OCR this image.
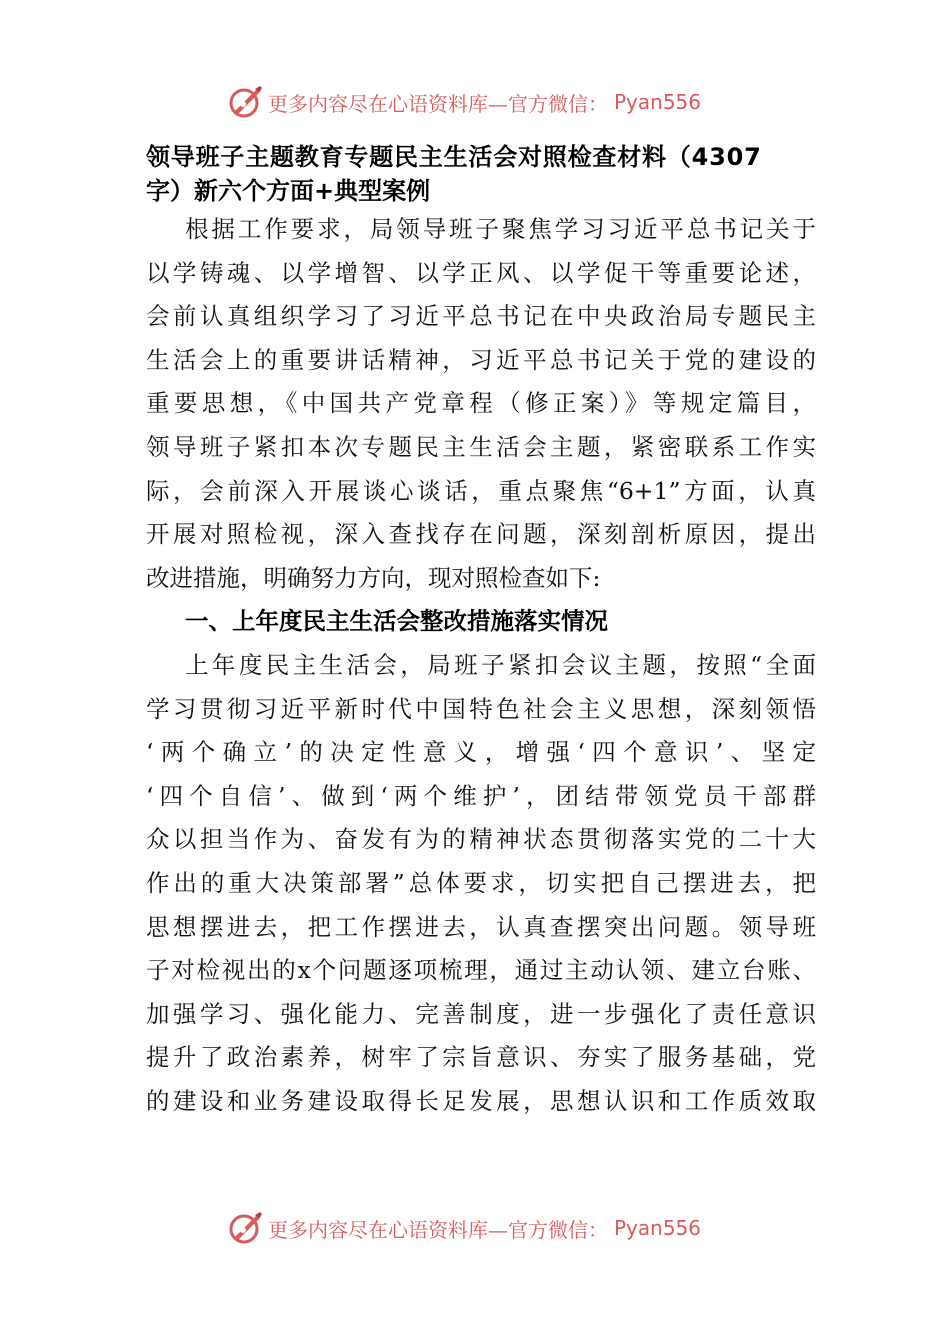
更多内容尽在心语资料库—官方微信： Pyan556
领导班子主题教育专题民主生活会对照检查材料（4307
字）新六个方面+典型案例
根据工作要求，局领导班子聚焦学习习近平总书记关于
以学铸魂、以学增智、以学正风、以学促干等重要论述，
会前认真组织学习了习近平总书记在中央政治局专题民主
生活会上的重要讲话精神，习近平总书记关于党的建设的
重要思想，《中国共产党章程（修正案）》等规定篇目，
领导班子紧扣本次专题民主生活会主题，紧密联系工作实
际，会前深入开展谈心谈话，重点聚焦“6+1”方面，认真
开展对照检视，深入查找存在问题，深刻剖析原因，提出
改进措施，明确努力方向，现对照检查如下:
一、上年度民主生活会整改措施落实情况
上年度民主生活会，局班子紧扣会议主题，按照“全面
学习贯彻习近平新时代中国特色社会主义思想，深刻领悟
‘两个确立’的决定性意义，增强‘四个意识’、坚定
‘四个自信’、做到‘两个维护’，团结带领党员干部群
众以担当作为、奋发有为的精神状态贯彻落实党的二十大
作出的重大决策部署”总体要求，切实把自己摆进去，把
思想摆进去，把工作摆进去，认真查摆突出问题。领导班
子对检视出的x个问题逐项梳理，通过主动认领、建立台账、
加强学习、强化能力、完善制度，进一步强化了责任意识
提升了政治素养，树牢了宗旨意识、夯实了服务基础，党
的建设和业务建设取得长足发展，思想认识和工作质效取
更多内容尽在心语资料库—官方微信： Pyan556
